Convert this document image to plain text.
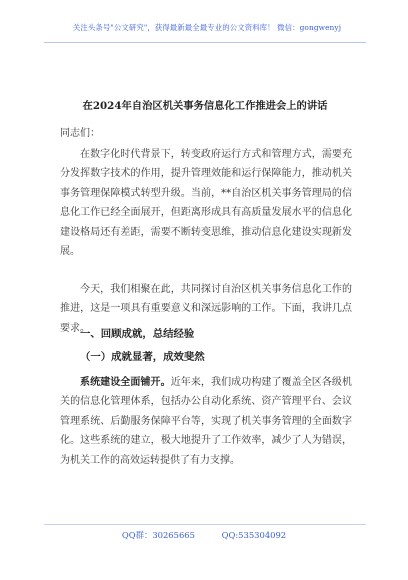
关注头条号"公文研究"，获得最新最全最专业的公文资料库！ 微信：gongwenyj
在2024年自治区机关事务信息化工作推进会上的讲话
同志们：

在数字化时代背景下，转变政府运行方式和管理方式，需要充分发挥数字技术的作用，提升管理效能和运行保障能力，推动机关事务管理保障模式转型升级。当前，**自治区机关事务管理局的信息化工作已经全面展开，但距离形成具有高质量发展水平的信息化建设格局还有差距，需要不断转变思维，推动信息化建设实现新发展。

今天，我们相聚在此，共同探讨自治区机关事务信息化工作的推进，这是一项具有重要意义和深远影响的工作。下面，我讲几点要求。

一、回顾成就，总结经验
（一）成就显著，成效斐然

系统建设全面铺开。近年来，我们成功构建了覆盖全区各级机关的信息化管理体系，包括办公自动化系统、资产管理平台、会议管理系统、后勤服务保障平台等，实现了机关事务管理的全面数字化。这些系统的建立，极大地提升了工作效率，减少了人为错误，为机关工作的高效运转提供了有力支撑。

QQ群：30265665	QQ:535304092
